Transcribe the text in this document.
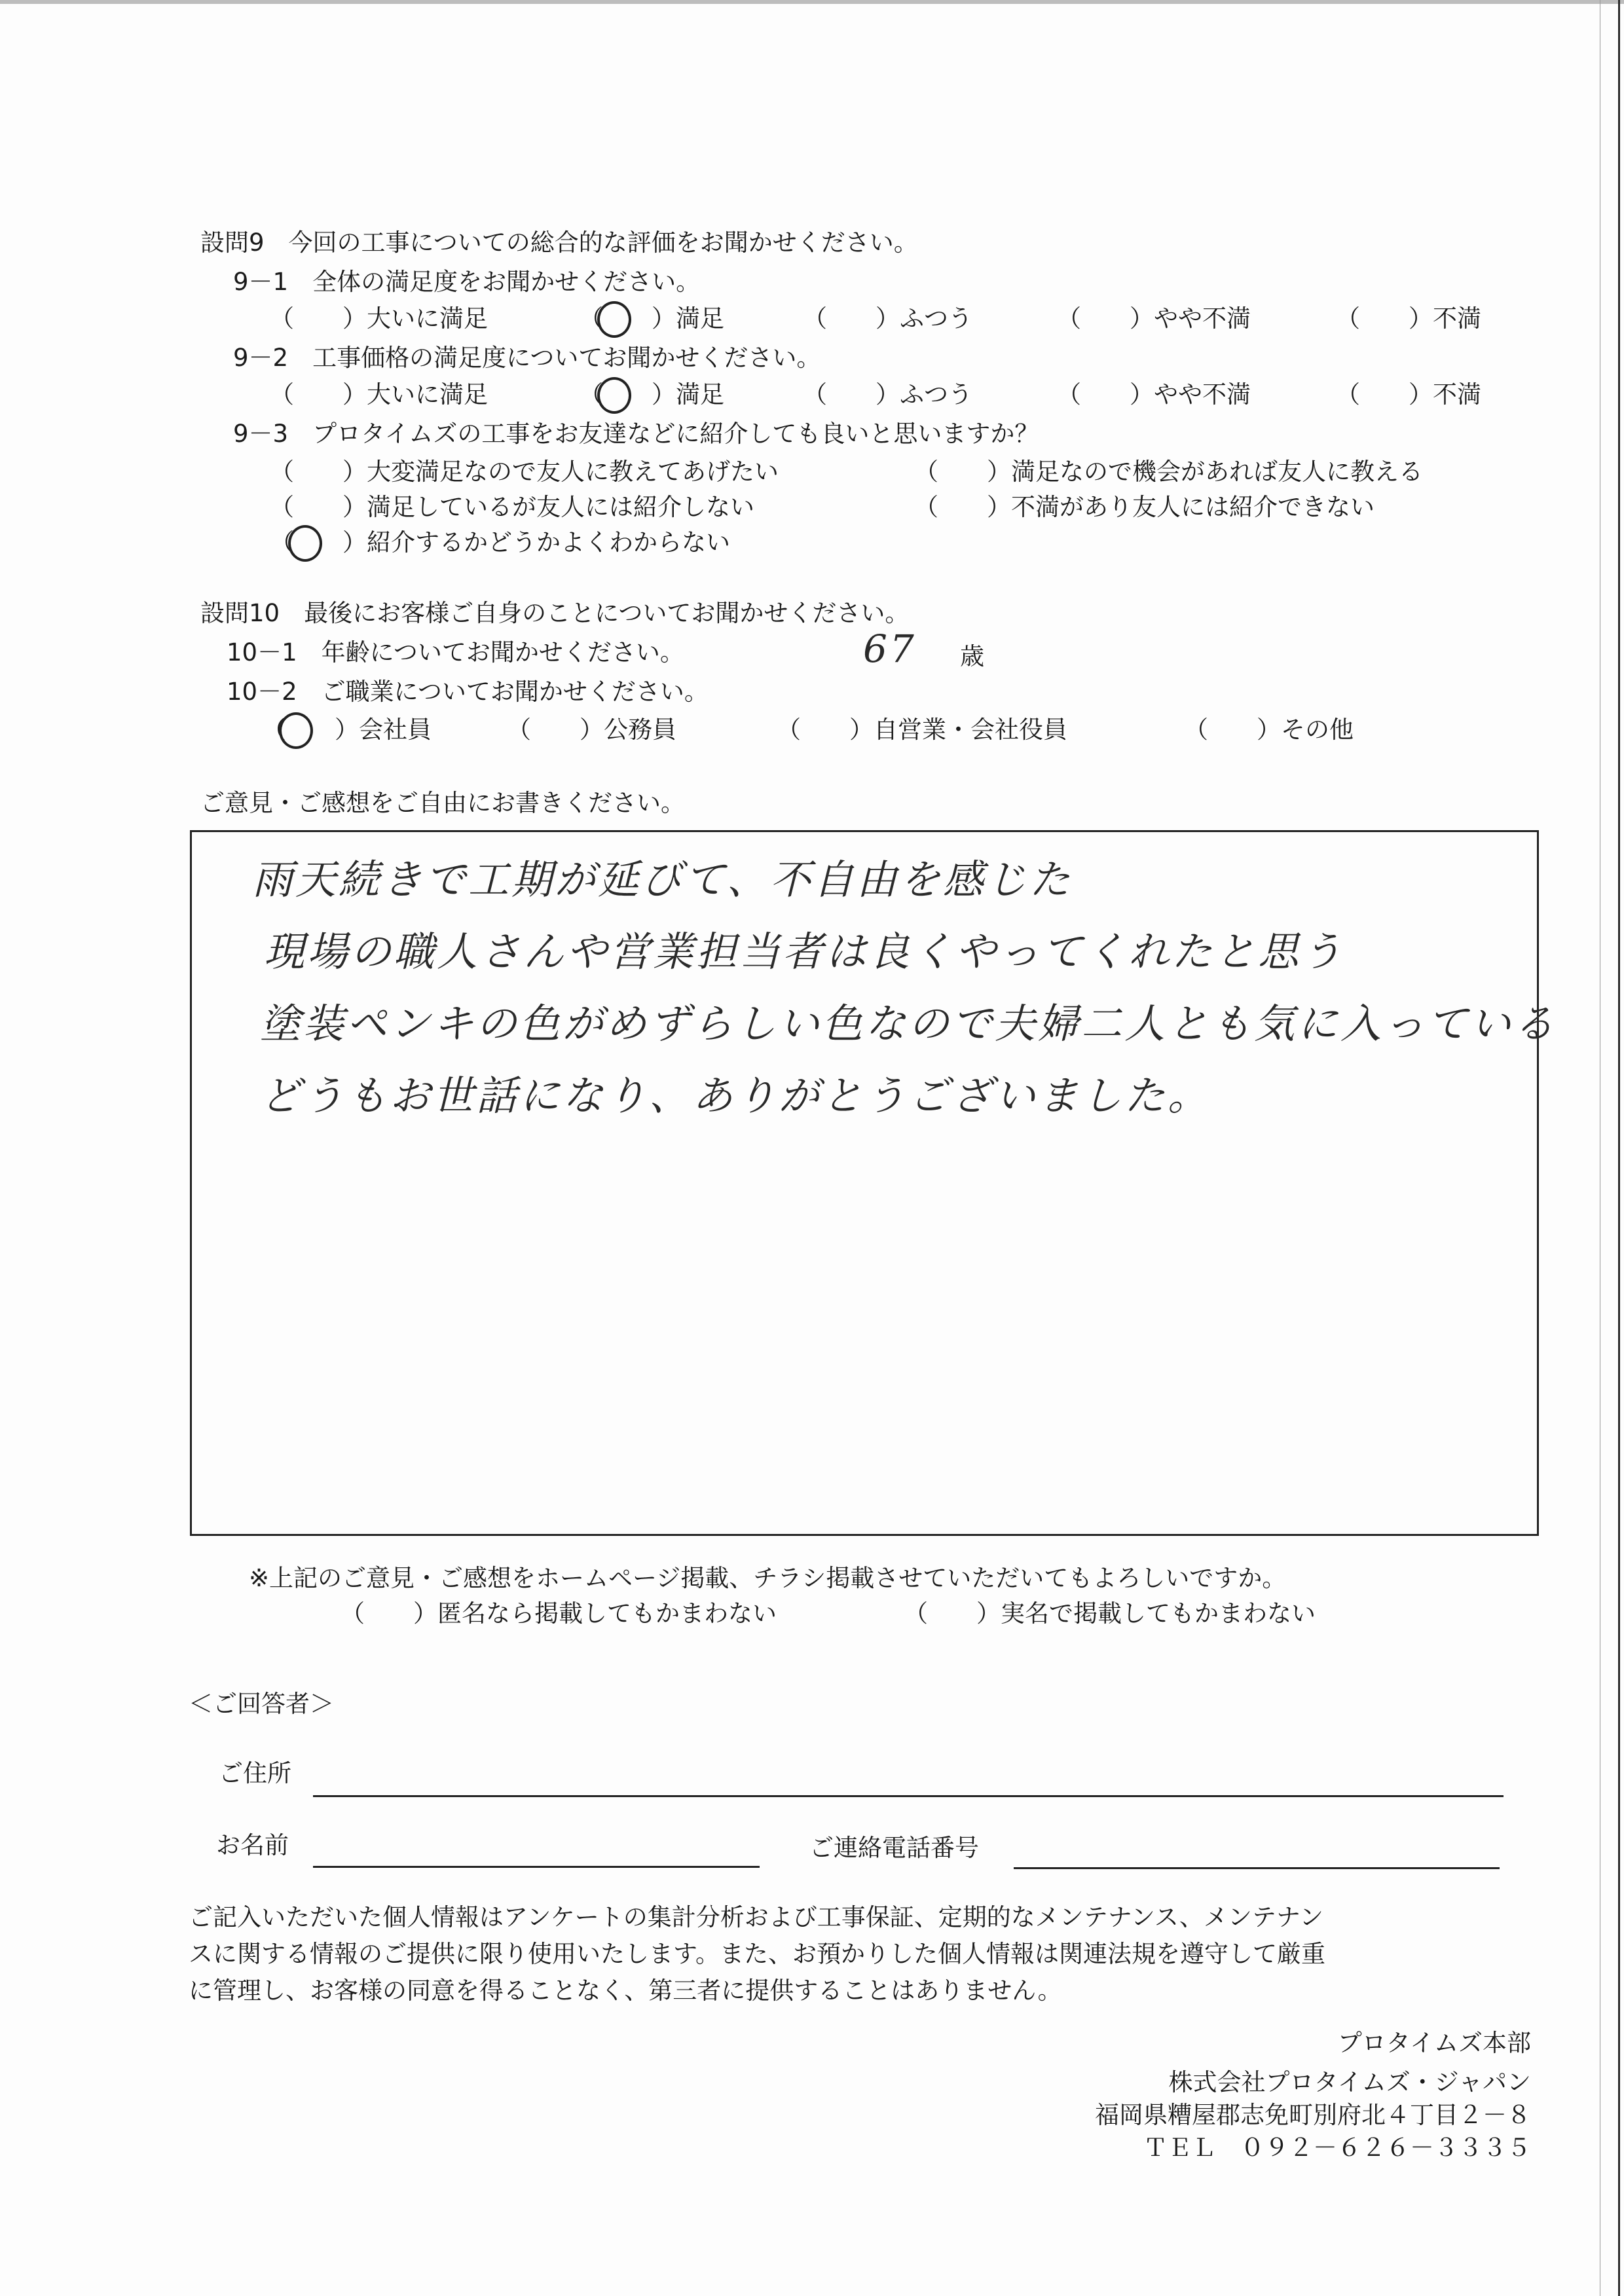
設問9　今回の工事についての総合的な評価をお聞かせください。
9－1　全体の満足度をお聞かせください。
（　　）大いに満足	（　　）満足	（　　）ふつう	（　　）やや不満	（　　）不満
9－2　工事価格の満足度についてお聞かせください。
（　　）大いに満足	（　　）満足	（　　）ふつう	（　　）やや不満	（　　）不満
9－3　プロタイムズの工事をお友達などに紹介しても良いと思いますか？
（　　）大変満足なので友人に教えてあげたい	（　　）満足なので機会があれば友人に教える
（　　）満足しているが友人には紹介しない	（　　）不満があり友人には紹介できない
（　　）紹介するかどうかよくわからない
設問10　最後にお客様ご自身のことについてお聞かせください。
10－1　年齢についてお聞かせください。	67 歳
10－2　ご職業についてお聞かせください。
（　　）会社員	（　　）公務員	（　　）自営業・会社役員	（　　）その他
ご意見・ご感想をご自由にお書きください。
雨天続きで工期が延びて、不自由を感じた
現場の職人さんや営業担当者は良くやってくれたと思う
塗装ペンキの色がめずらしい色なので夫婦二人とも気に入っている
どうもお世話になり、ありがとうございました。
※上記のご意見・ご感想をホームページ掲載、チラシ掲載させていただいてもよろしいですか。
（　　）匿名なら掲載してもかまわない	（　　）実名で掲載してもかまわない
＜ご回答者＞
ご住所
お名前	ご連絡電話番号
ご記入いただいた個人情報はアンケートの集計分析および工事保証、定期的なメンテナンス、メンテナン
スに関する情報のご提供に限り使用いたします。また、お預かりした個人情報は関連法規を遵守して厳重
に管理し、お客様の同意を得ることなく、第三者に提供することはありません。
プロタイムズ本部
株式会社プロタイムズ・ジャパン
福岡県糟屋郡志免町別府北４丁目２－８
ＴＥＬ　０９２－６２６－３３３５
